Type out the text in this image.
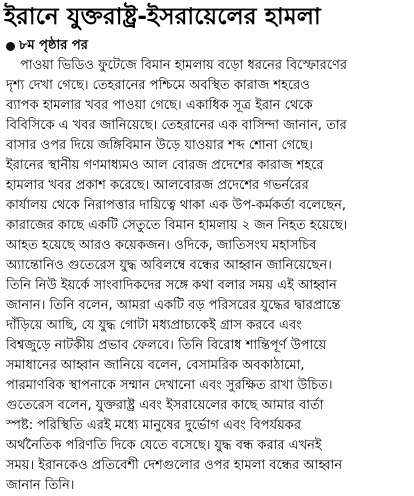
ইরানে যুক্তরাষ্ট্র-ইসরায়েলের হামলা
৮ম পৃষ্ঠার পর
পাওয়া ভিডিও ফুটেজে বিমান হামলায় বড়ো ধরনের বিস্ফোরণের
দৃশ্য দেখা গেছে। তেহরানের পশ্চিমে অবস্থিত কারাজ শহরেও
ব্যাপক হামলার খবর পাওয়া গেছে। একাধিক সূত্র ইরান থেকে
বিবিসিকে এ খবর জানিয়েছে। তেহরানের এক বাসিন্দা জানান, তার
বাসার ওপর দিয়ে জঙ্গিবিমান উড়ে যাওয়ার শব্দ শোনা গেছে।
ইরানের স্থানীয় গণমাধ্যমও আল বোরজ প্রদেশের কারাজ শহরে
হামলার খবর প্রকাশ করেছে। আলবোরজ প্রদেশের গভর্নরের
কার্যালয় থেকে নিরাপত্তার দায়িত্বে থাকা এক উপ-কর্মকর্তা বলেছেন,
কারাজের কাছে একটি সেতুতে বিমান হামলায় ২ জন নিহত হয়েছে।
আহত হয়েছে আরও কয়েকজন। ওদিকে, জাতিসংঘ মহাসচিব
অ্যান্তোনিও গুতেরেস যুদ্ধ অবিলম্বে বন্ধের আহ্বান জানিয়েছেন।
তিনি নিউ ইয়র্কে সাংবাদিকদের সঙ্গে কথা বলার সময় এই আহ্বান
জানান। তিনি বলেন, আমরা একটি বড় পরিসরের যুদ্ধের দ্বারপ্রান্তে
দাঁড়িয়ে আছি, যে যুদ্ধ গোটা মধ্যপ্রাচ্যকেই গ্রাস করবে এবং
বিশ্বজুড়ে নাটকীয় প্রভাব ফেলবে। তিনি বিরোধ শান্তিপূর্ণ উপায়ে
সমাধানের আহ্বান জানিয়ে বলেন, বেসামরিক অবকাঠামো,
পারমাণবিক স্থাপনাকে সম্মান দেখানো এবং সুরক্ষিত রাখা উচিত।
গুতেরেস বলেন, যুক্তরাষ্ট্র এবং ইসরায়েলের কাছে আমার বার্তা
স্পষ্ট: পরিস্থিতি এরই মধ্যে মানুষের দুর্ভোগ এবং বিপর্যয়কর
অর্থনৈতিক পরিণতি দিকে যেতে বসেছে। যুদ্ধ বন্ধ করার এখনই
সময়। ইরানকেও প্রতিবেশী দেশগুলোর ওপর হামলা বন্ধের আহ্বান
জানান তিনি।
